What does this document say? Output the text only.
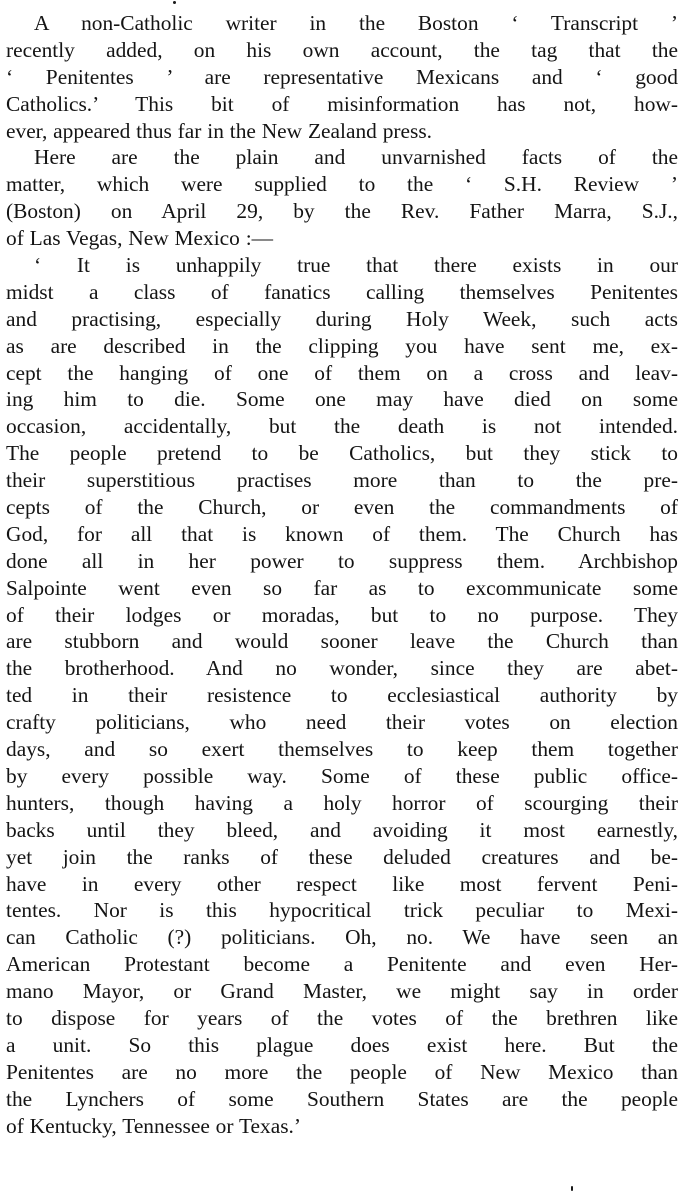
A non-Catholic writer in the Boston ‘ Transcript ’
recently added, on his own account, the tag that the
‘ Penitentes ’ are representative Mexicans and ‘ good
Catholics.’ This bit of misinformation has not, how-
ever, appeared thus far in the New Zealand press.
Here are the plain and unvarnished facts of the
matter, which were supplied to the ‘ S.H. Review ’
(Boston) on April 29, by the Rev. Father Marra, S.J.,
of Las Vegas, New Mexico :—
‘ It is unhappily true that there exists in our
midst a class of fanatics calling themselves Penitentes
and practising, especially during Holy Week, such acts
as are described in the clipping you have sent me, ex-
cept the hanging of one of them on a cross and leav-
ing him to die. Some one may have died on some
occasion, accidentally, but the death is not intended.
The people pretend to be Catholics, but they stick to
their superstitious practises more than to the pre-
cepts of the Church, or even the commandments of
God, for all that is known of them. The Church has
done all in her power to suppress them. Archbishop
Salpointe went even so far as to excommunicate some
of their lodges or moradas, but to no purpose. They
are stubborn and would sooner leave the Church than
the brotherhood. And no wonder, since they are abet-
ted in their resistence to ecclesiastical authority by
crafty politicians, who need their votes on election
days, and so exert themselves to keep them together
by every possible way. Some of these public office-
hunters, though having a holy horror of scourging their
backs until they bleed, and avoiding it most earnestly,
yet join the ranks of these deluded creatures and be-
have in every other respect like most fervent Peni-
tentes. Nor is this hypocritical trick peculiar to Mexi-
can Catholic (?) politicians. Oh, no. We have seen an
American Protestant become a Penitente and even Her-
mano Mayor, or Grand Master, we might say in order
to dispose for years of the votes of the brethren like
a unit. So this plague does exist here. But the
Penitentes are no more the people of New Mexico than
the Lynchers of some Southern States are the people
of Kentucky, Tennessee or Texas.’
